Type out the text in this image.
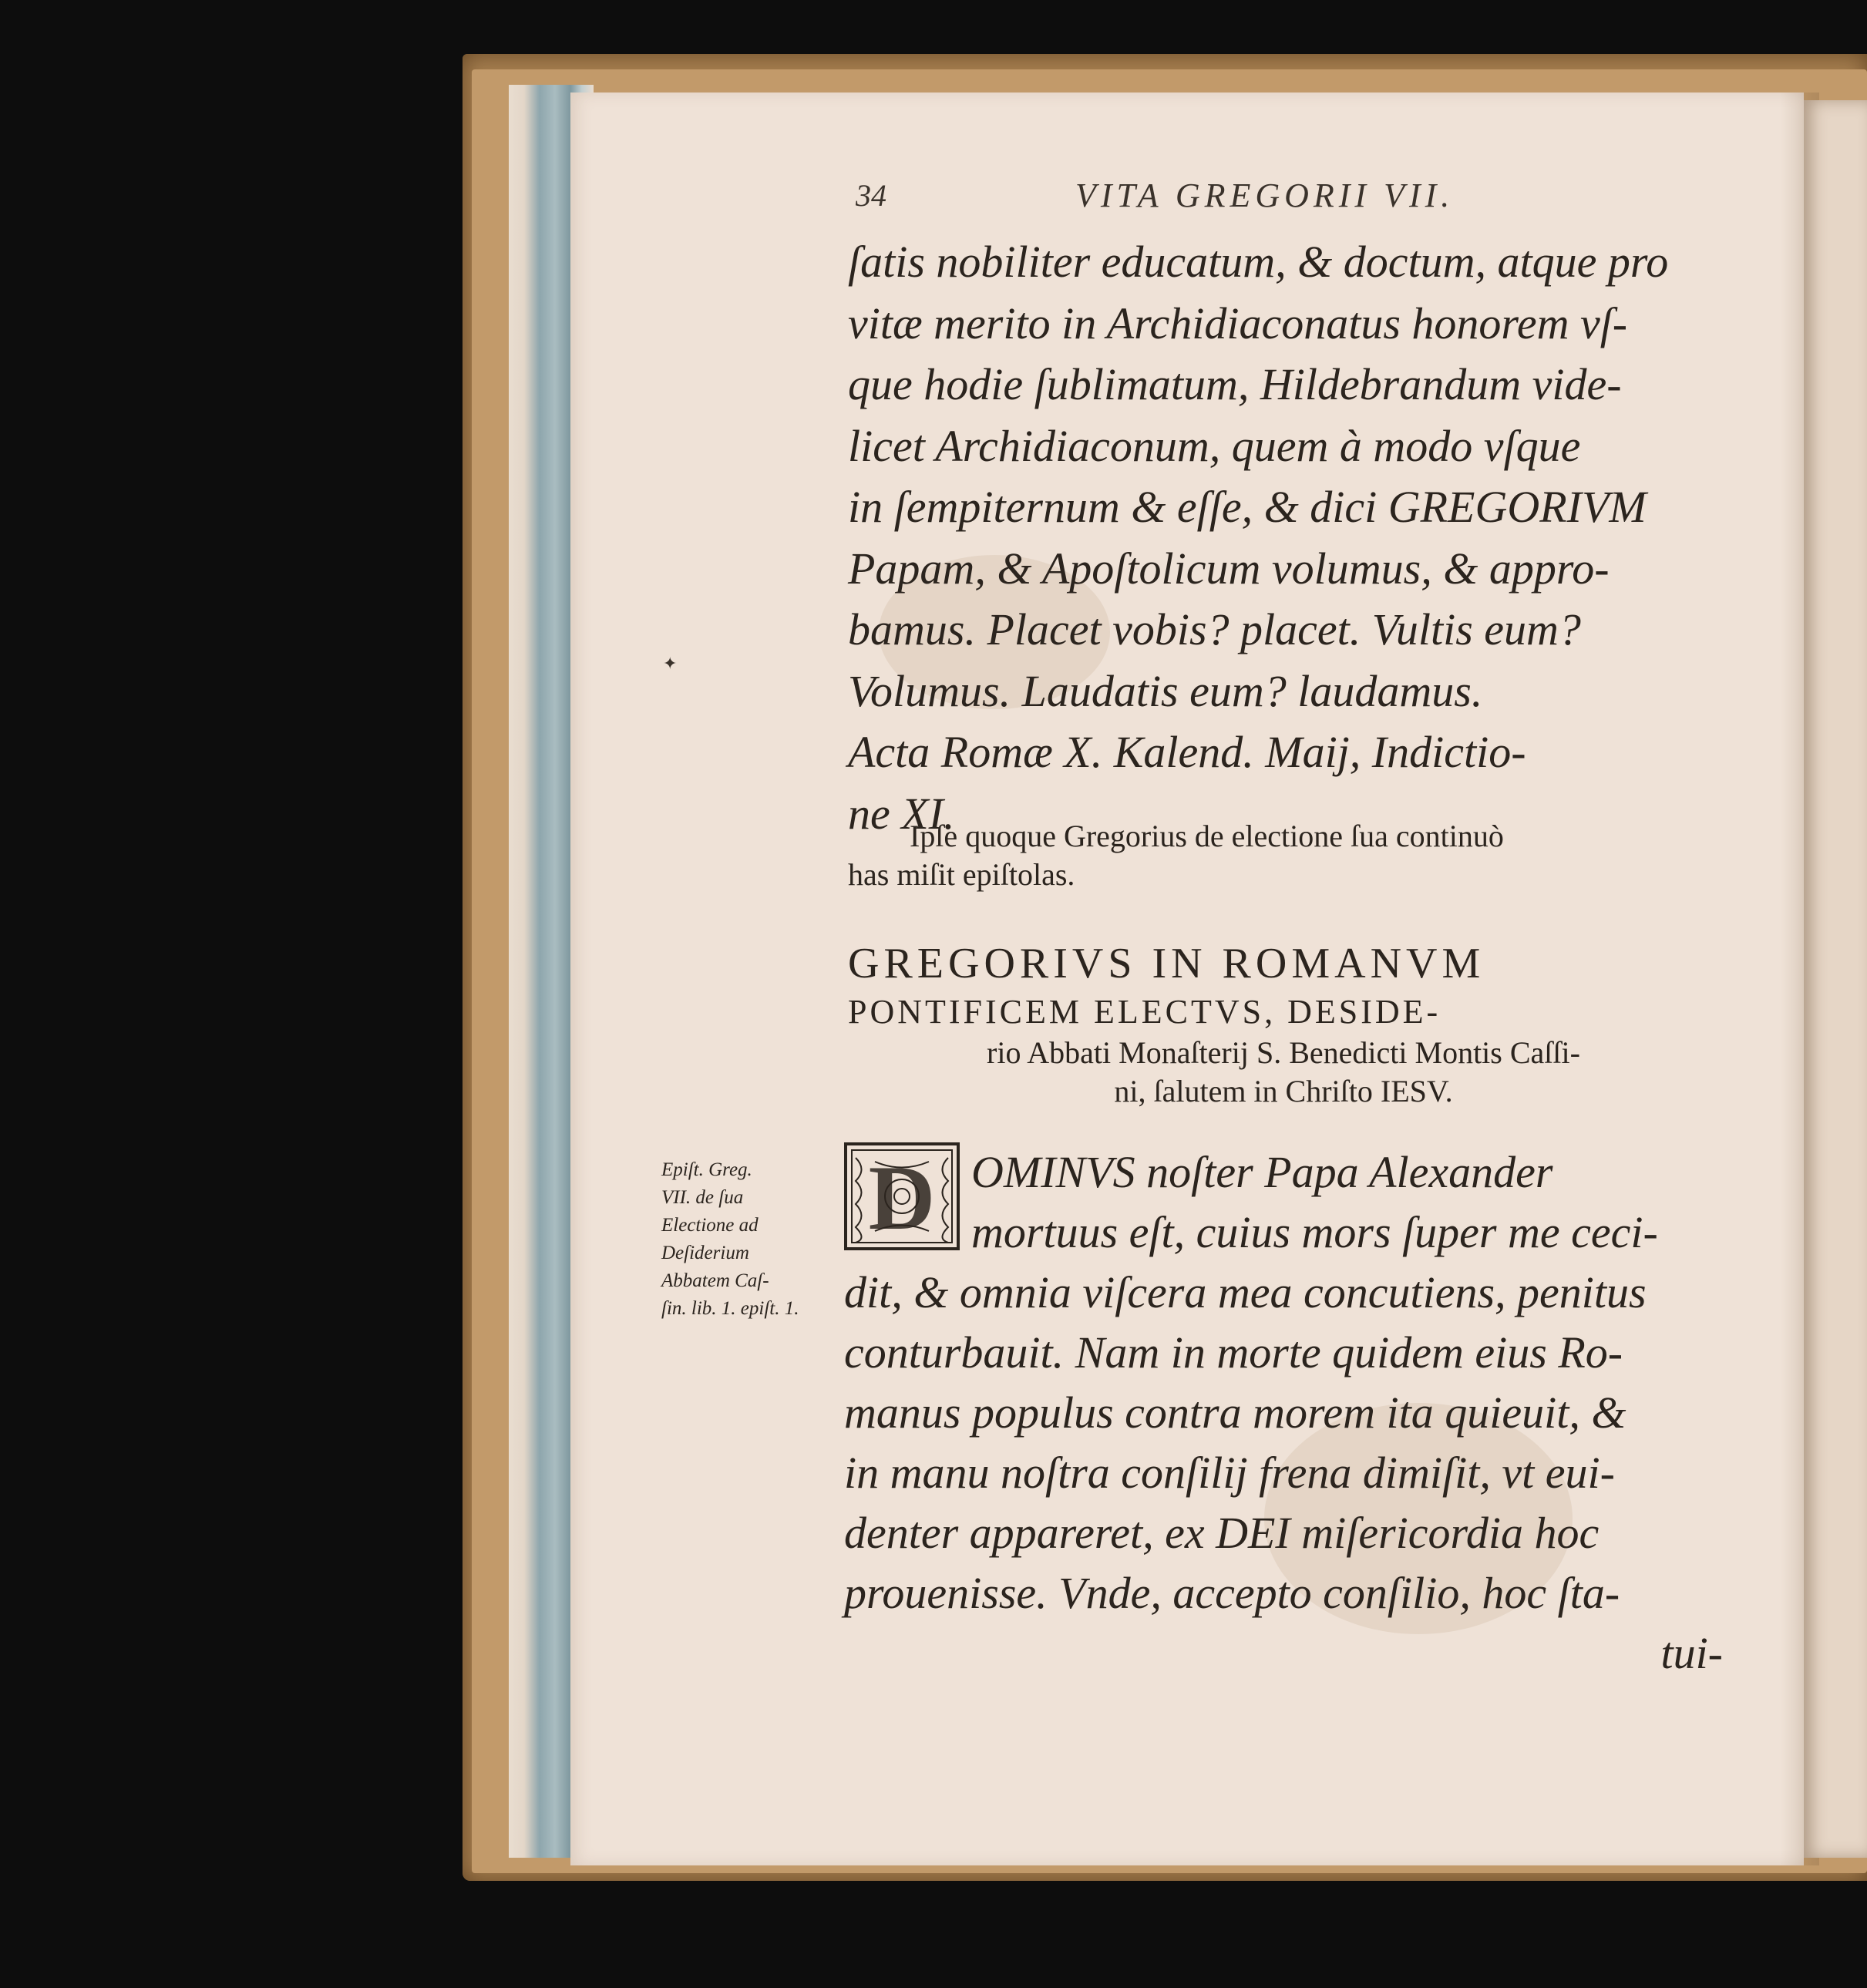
34	VITA GREGORII VII.
ſatis nobiliter educatum, & doctum, atque pro
vitæ merito in Archidiaconatus honorem vſ-
que hodie ſublimatum, Hildebrandum vide-
licet Archidiaconum, quem à modo vſque
in ſempiternum & eſſe, & dici GREGORIVM
Papam, & Apoſtolicum volumus, & appro-
bamus. Placet vobis? placet. Vultis eum?
Volumus. Laudatis eum? laudamus.
Acta Romæ X. Kalend. Maij, Indictio-
ne XI.
✦
Ipſe quoque Gregorius de electione ſua continuò
has miſit epiſtolas.
GREGORIVS IN ROMANVM
PONTIFICEM ELECTVS, DESIDE-
rio Abbati Monaſterij S. Benedicti Montis Caſſi-
ni, ſalutem in Chriſto IESV.
Epiſt. Greg.
VII. de ſua
Electione ad
Deſiderium
Abbatem Caſ-
ſin. lib. 1. epiſt. 1.
D OMINVS noſter Papa Alexander
mortuus eſt, cuius mors ſuper me ceci-
dit, & omnia viſcera mea concutiens, penitus
conturbauit. Nam in morte quidem eius Ro-
manus populus contra morem ita quieuit, &
in manu noſtra conſilij frena dimiſit, vt eui-
denter appareret, ex DEI miſericordia hoc
prouenisse. Vnde, accepto conſilio, hoc ſta-
tui-
